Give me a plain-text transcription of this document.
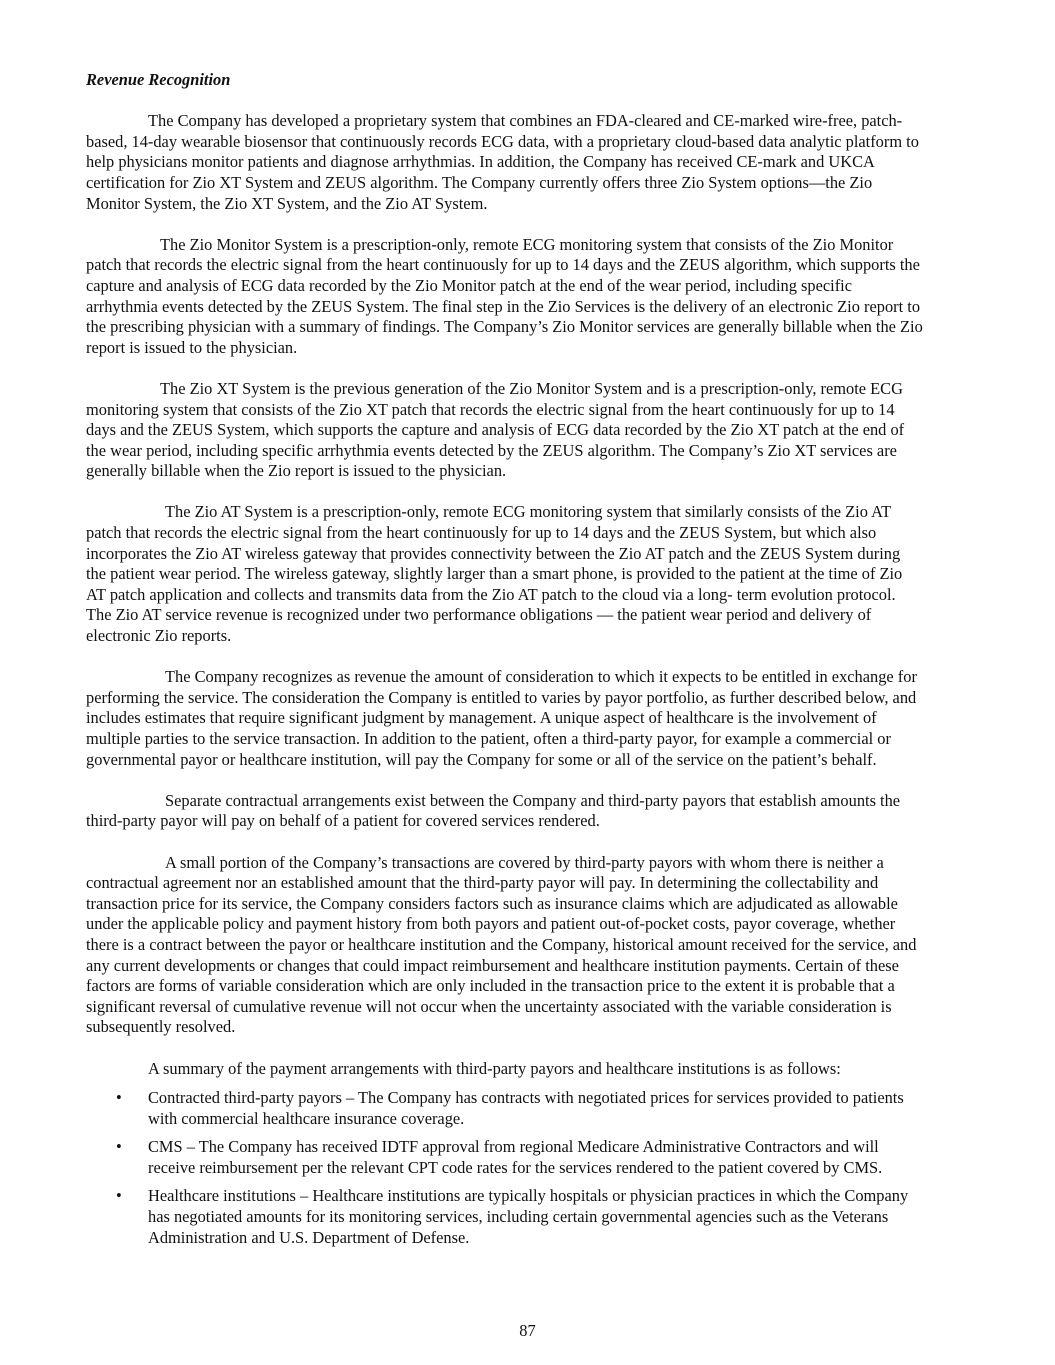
Revenue Recognition
The Company has developed a proprietary system that combines an FDA-cleared and CE-marked wire-free, patch-
based, 14-day wearable biosensor that continuously records ECG data, with a proprietary cloud-based data analytic platform to
help physicians monitor patients and diagnose arrhythmias. In addition, the Company has received CE-mark and UKCA
certification for Zio XT System and ZEUS algorithm. The Company currently offers three Zio System options—the Zio
Monitor System, the Zio XT System, and the Zio AT System.
The Zio Monitor System is a prescription-only, remote ECG monitoring system that consists of the Zio Monitor
patch that records the electric signal from the heart continuously for up to 14 days and the ZEUS algorithm, which supports the
capture and analysis of ECG data recorded by the Zio Monitor patch at the end of the wear period, including specific
arrhythmia events detected by the ZEUS System. The final step in the Zio Services is the delivery of an electronic Zio report to
the prescribing physician with a summary of findings. The Company’s Zio Monitor services are generally billable when the Zio
report is issued to the physician.
The Zio XT System is the previous generation of the Zio Monitor System and is a prescription-only, remote ECG
monitoring system that consists of the Zio XT patch that records the electric signal from the heart continuously for up to 14
days and the ZEUS System, which supports the capture and analysis of ECG data recorded by the Zio XT patch at the end of
the wear period, including specific arrhythmia events detected by the ZEUS algorithm. The Company’s Zio XT services are
generally billable when the Zio report is issued to the physician.
The Zio AT System is a prescription-only, remote ECG monitoring system that similarly consists of the Zio AT
patch that records the electric signal from the heart continuously for up to 14 days and the ZEUS System, but which also
incorporates the Zio AT wireless gateway that provides connectivity between the Zio AT patch and the ZEUS System during
the patient wear period. The wireless gateway, slightly larger than a smart phone, is provided to the patient at the time of Zio
AT patch application and collects and transmits data from the Zio AT patch to the cloud via a long- term evolution protocol.
The Zio AT service revenue is recognized under two performance obligations — the patient wear period and delivery of
electronic Zio reports.
The Company recognizes as revenue the amount of consideration to which it expects to be entitled in exchange for
performing the service. The consideration the Company is entitled to varies by payor portfolio, as further described below, and
includes estimates that require significant judgment by management. A unique aspect of healthcare is the involvement of
multiple parties to the service transaction. In addition to the patient, often a third-party payor, for example a commercial or
governmental payor or healthcare institution, will pay the Company for some or all of the service on the patient’s behalf.
Separate contractual arrangements exist between the Company and third-party payors that establish amounts the
third-party payor will pay on behalf of a patient for covered services rendered.
A small portion of the Company’s transactions are covered by third-party payors with whom there is neither a
contractual agreement nor an established amount that the third-party payor will pay. In determining the collectability and
transaction price for its service, the Company considers factors such as insurance claims which are adjudicated as allowable
under the applicable policy and payment history from both payors and patient out-of-pocket costs, payor coverage, whether
there is a contract between the payor or healthcare institution and the Company, historical amount received for the service, and
any current developments or changes that could impact reimbursement and healthcare institution payments. Certain of these
factors are forms of variable consideration which are only included in the transaction price to the extent it is probable that a
significant reversal of cumulative revenue will not occur when the uncertainty associated with the variable consideration is
subsequently resolved.
A summary of the payment arrangements with third-party payors and healthcare institutions is as follows:
• Contracted third-party payors – The Company has contracts with negotiated prices for services provided to patients
with commercial healthcare insurance coverage.
• CMS – The Company has received IDTF approval from regional Medicare Administrative Contractors and will
receive reimbursement per the relevant CPT code rates for the services rendered to the patient covered by CMS.
• Healthcare institutions – Healthcare institutions are typically hospitals or physician practices in which the Company
has negotiated amounts for its monitoring services, including certain governmental agencies such as the Veterans
Administration and U.S. Department of Defense.
87
